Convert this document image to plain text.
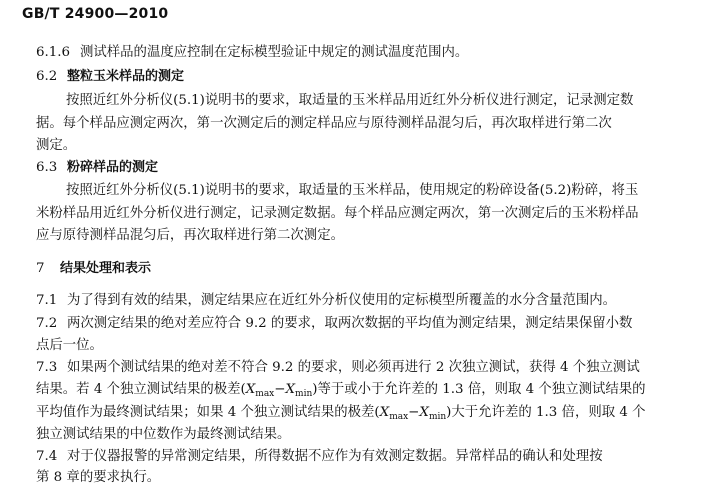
GB/T 24900—2010
6.1.6 测试样品的温度应控制在定标模型验证中规定的测试温度范围内。
6.2 整粒玉米样品的测定
按照近红外分析仪(5.1)说明书的要求，取适量的玉米样品用近红外分析仪进行测定，记录测定数
据。每个样品应测定两次，第一次测定后的测定样品应与原待测样品混匀后，再次取样进行第二次
测定。
6.3 粉碎样品的测定
按照近红外分析仪(5.1)说明书的要求，取适量的玉米样品，使用规定的粉碎设备(5.2)粉碎，将玉
米粉样品用近红外分析仪进行测定，记录测定数据。每个样品应测定两次，第一次测定后的玉米粉样品
应与原待测样品混匀后，再次取样进行第二次测定。
7 结果处理和表示
7.1 为了得到有效的结果，测定结果应在近红外分析仪使用的定标模型所覆盖的水分含量范围内。
7.2 两次测定结果的绝对差应符合 9.2 的要求，取两次数据的平均值为测定结果，测定结果保留小数
点后一位。
7.3 如果两个测试结果的绝对差不符合 9.2 的要求，则必须再进行 2 次独立测试，获得 4 个独立测试
结果。若 4 个独立测试结果的极差$(X_{max}-X_{min})$等于或小于允许差的 1.3 倍，则取 4 个独立测试结果的
平均值作为最终测试结果；如果 4 个独立测试结果的极差$(X_{max}-X_{min})$大于允许差的 1.3 倍，则取 4 个
独立测试结果的中位数作为最终测试结果。
7.4 对于仪器报警的异常测定结果，所得数据不应作为有效测定数据。异常样品的确认和处理按
第 8 章的要求执行。
